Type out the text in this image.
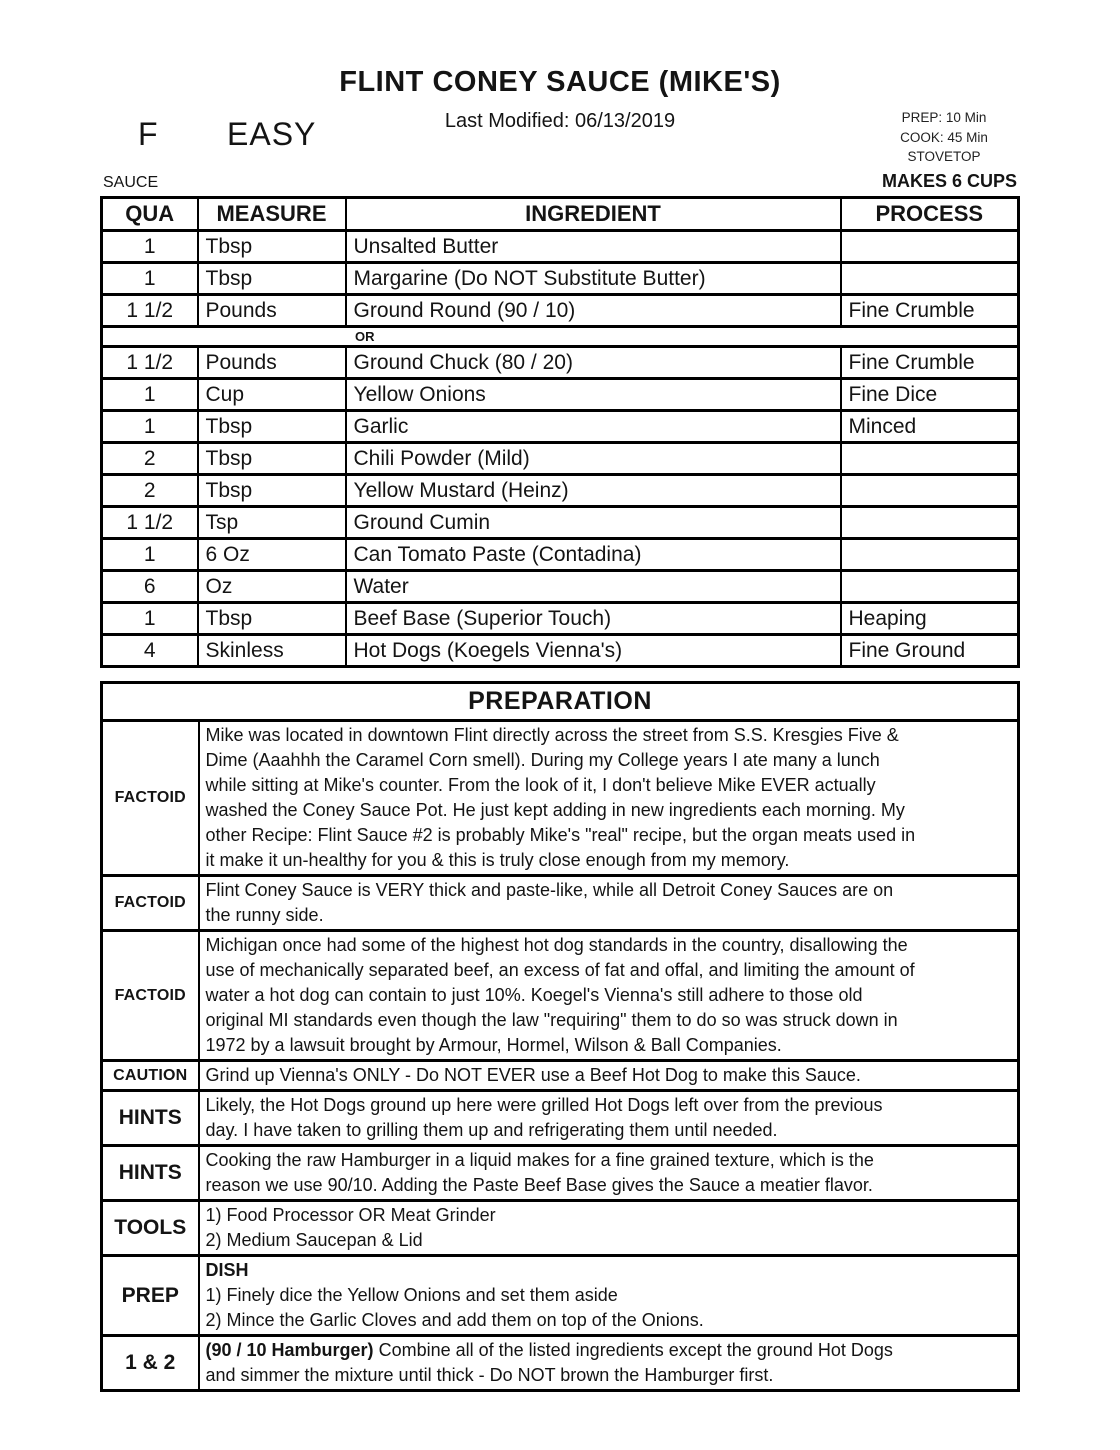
FLINT CONEY SAUCE (MIKE'S)
Last Modified: 06/13/2019
F EASY	PREP: 10 Min
COOK: 45 Min
STOVETOP
SAUCE	MAKES 6 CUPS
QUA	MEASURE	INGREDIENT	PROCESS
1	Tbsp	Unsalted Butter	
1	Tbsp	Margarine (Do NOT Substitute Butter)	
1 1/2	Pounds	Ground Round (90 / 10)	Fine Crumble
OR			
1 1/2	Pounds	Ground Chuck (80 / 20)	Fine Crumble
1	Cup	Yellow Onions	Fine Dice
1	Tbsp	Garlic	Minced
2	Tbsp	Chili Powder (Mild)	
2	Tbsp	Yellow Mustard (Heinz)	
1 1/2	Tsp	Ground Cumin	
1	6 Oz	Can Tomato Paste (Contadina)	
6	Oz	Water	
1	Tbsp	Beef Base (Superior Touch)	Heaping
4	Skinless	Hot Dogs (Koegels Vienna's)	Fine Ground
PREPARATION	
FACTOID	
Mike was located in downtown Flint directly across the street from S.S. Kresgies Five &
Dime (Aaahhh the Caramel Corn smell). During my College years I ate many a lunch
while sitting at Mike's counter. From the look of it, I don't believe Mike EVER actually
washed the Coney Sauce Pot. He just kept adding in new ingredients each morning. My
other Recipe: Flint Sauce #2 is probably Mike's "real" recipe, but the organ meats used in
it make it un-healthy for you & this is truly close enough from my memory.

FACTOID	Flint Coney Sauce is VERY thick and paste-like, while all Detroit Coney Sauces are on
the runny side.

FACTOID	Michigan once had some of the highest hot dog standards in the country, disallowing the
use of mechanically separated beef, an excess of fat and offal, and limiting the amount of
water a hot dog can contain to just 10%. Koegel's Vienna's still adhere to those old
original MI standards even though the law "requiring" them to do so was struck down in
1972 by a lawsuit brought by Armour, Hormel, Wilson & Ball Companies.

CAUTION	Grind up Vienna's ONLY - Do NOT EVER use a Beef Hot Dog to make this Sauce.

HINTS	Likely, the Hot Dogs ground up here were grilled Hot Dogs left over from the previous
day. I have taken to grilling them up and refrigerating them until needed.

HINTS	Cooking the raw Hamburger in a liquid makes for a fine grained texture, which is the
reason we use 90/10. Adding the Paste Beef Base gives the Sauce a meatier flavor.

TOOLS	1) Food Processor OR Meat Grinder
2) Medium Saucepan & Lid

PREP	DISH
1) Finely dice the Yellow Onions and set them aside
2) Mince the Garlic Cloves and add them on top of the Onions.

1 & 2	(90 / 10 Hamburger) Combine all of the listed ingredients except the ground Hot Dogs
and simmer the mixture until thick - Do NOT brown the Hamburger first.
